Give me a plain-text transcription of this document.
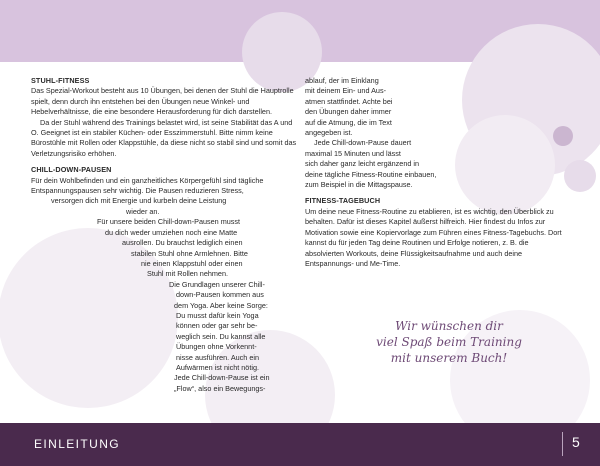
STUHL-FITNESS

Das Spezial-Workout besteht aus 10 Übungen, bei denen der Stuhl die Hauptrolle spielt, denn durch ihn entstehen bei den Übungen neue Winkel- und Hebelverhältnisse, die eine besondere Herausforderung für dich darstellen.

Da der Stuhl während des Trainings belastet wird, ist seine Stabilität das A und O. Geeignet ist ein stabiler Küchen- oder Esszimmerstuhl. Bitte nimm keine Bürostühle mit Rollen oder Klappstühle, da diese nicht so stabil sind und somit das Verletzungsrisiko erhöhen.

CHILL-DOWN-PAUSEN

Für dein Wohlbefinden und ein ganzheitliches Körpergefühl sind tägliche Entspannungspausen sehr wichtig. Die Pausen reduzieren Stress,
versorgen dich mit Energie und kurbeln deine Leistung
wieder an.

Für unsere beiden Chill-down-Pausen musst
du dich weder umziehen noch eine Matte
ausrollen. Du brauchst lediglich einen
stabilen Stuhl ohne Armlehnen. Bitte
nie einen Klappstuhl oder einen
Stuhl mit Rollen nehmen.

Die Grundlagen unserer Chill-
down-Pausen kommen aus
dem Yoga. Aber keine Sorge:
Du musst dafür kein Yoga
können oder gar sehr be-
weglich sein. Du kannst alle
Übungen ohne Vorkennt-
nisse ausführen. Auch ein
Aufwärmen ist nicht nötig.

Jede Chill-down-Pause ist ein
„Flow“, also ein Bewegungs-

ablauf, der im Einklang
mit deinem Ein- und Aus-
atmen stattfindet. Achte bei
den Übungen daher immer
auf die Atmung, die im Text
angegeben ist.

Jede Chill-down-Pause dauert
maximal 15 Minuten und lässt
sich daher ganz leicht ergänzend in
deine tägliche Fitness-Routine einbauen,
zum Beispiel in die Mittagspause.

FITNESS-TAGEBUCH

Um deine neue Fitness-Routine zu etablieren, ist es wichtig, den Überblick zu behalten. Dafür ist dieses Kapitel äußerst hilfreich. Hier findest du Infos zur Motivation sowie eine Kopiervorlage zum Führen eines Fitness-Tagebuchs. Dort kannst du für jeden Tag deine Routinen und Erfolge notieren, z. B. die absolvierten Workouts, deine Flüssigkeitsaufnahme und auch deine Entspannungs- und Me-Time.

Wir wünschen dir
viel Spaß beim Training
mit unserem Buch!
EINLEITUNG	5
